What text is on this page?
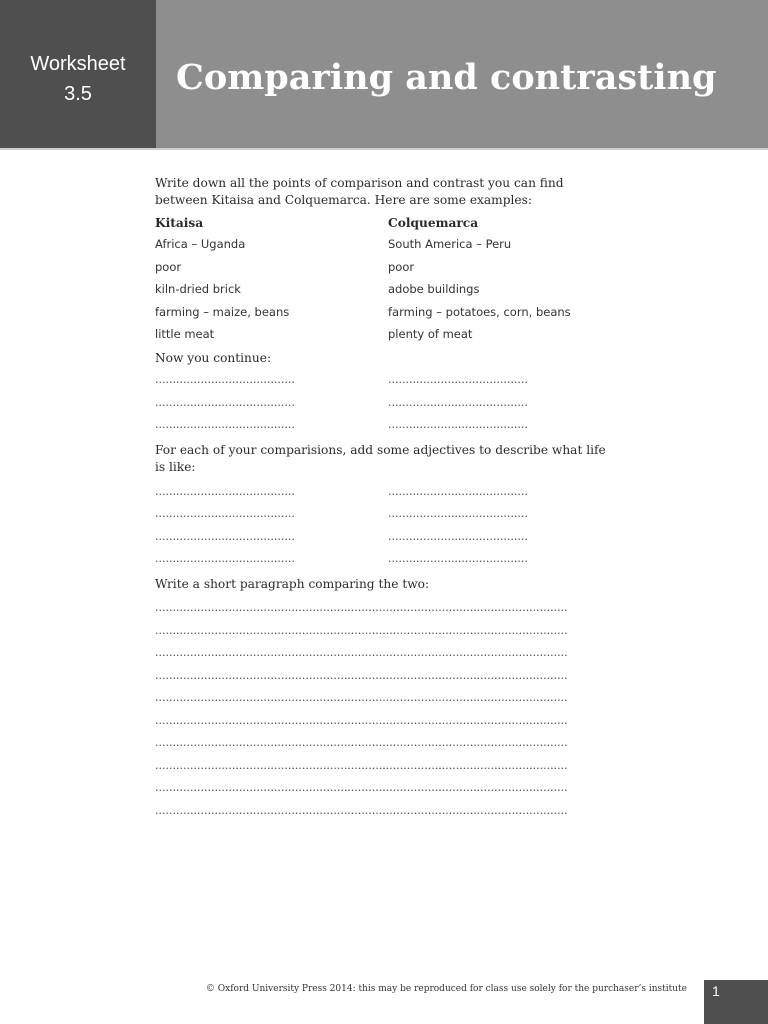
Worksheet
3.5	Comparing and contrasting

Write down all the points of comparison and contrast you can find between Kitaisa and Colquemarca. Here are some examples:

Kitaisa	Colquemarca
Africa – Uganda	South America – Peru
poor	poor
kiln-dried brick	adobe buildings
farming – maize, beans	farming – potatoes, corn, beans
little meat	plenty of meat
Now you continue:
........................................	........................................
........................................	........................................
........................................	........................................
For each of your comparisions, add some adjectives to describe what life is like:
........................................	........................................
........................................	........................................
........................................	........................................
........................................	........................................
Write a short paragraph comparing the two:
......................................................................................................................
......................................................................................................................
......................................................................................................................
......................................................................................................................
......................................................................................................................
......................................................................................................................
......................................................................................................................
......................................................................................................................
......................................................................................................................
......................................................................................................................
© Oxford University Press 2014: this may be reproduced for class use solely for the purchaser’s institute 1
